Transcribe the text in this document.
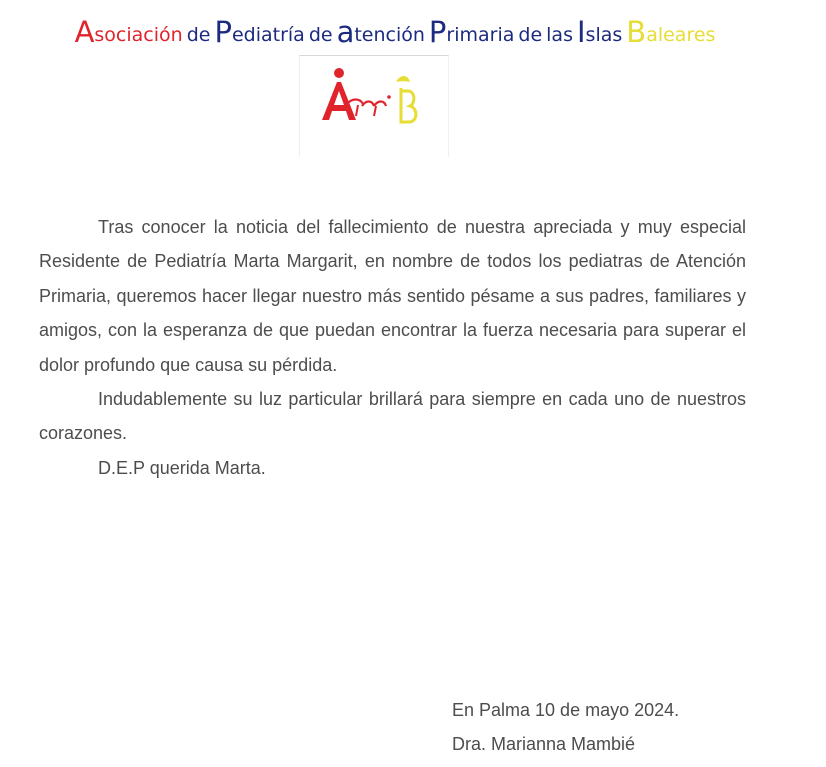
Asociación de Pediatría de atención Primaria de las Islas Baleares

Tras conocer la noticia del fallecimiento de nuestra apreciada y muy especial Residente de Pediatría Marta Margarit, en nombre de todos los pediatras de Atención Primaria, queremos hacer llegar nuestro más sentido pésame a sus padres, familiares y amigos, con la esperanza de que puedan encontrar la fuerza necesaria para superar el dolor profundo que causa su pérdida.

Indudablemente su luz particular brillará para siempre en cada uno de nuestros corazones.

D.E.P querida Marta.

En Palma 10 de mayo 2024.
Dra. Marianna Mambié
